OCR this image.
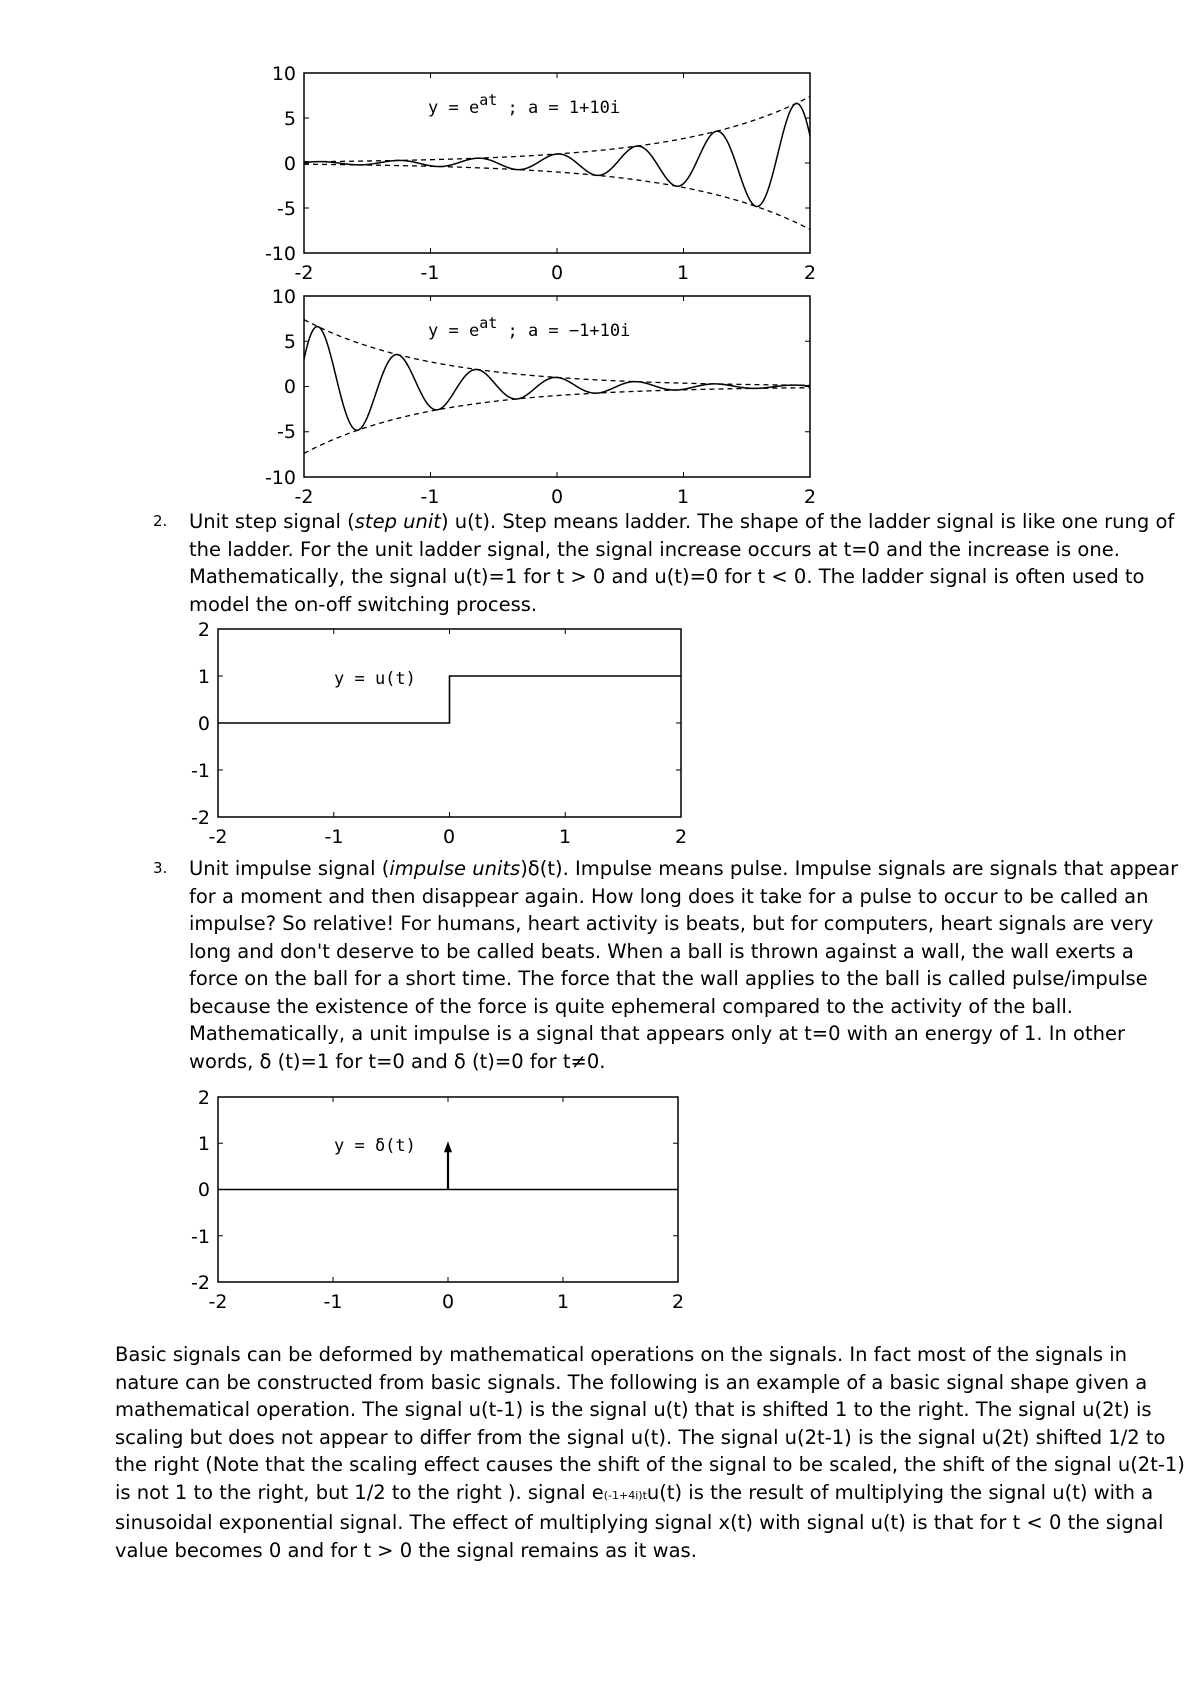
10
5
0
-5
-10
-2	-1	0	1	2
y = eat ; a = 1+10i
10
5
0
-5
-10
-2	-1	0	1	2
y = eat ; a = −1+10i
2
1
0
-1
-2
-2	-1	0	1	2
y = u(t)
2
1
0
-1
-2
-2	-1	0	1	2
y = δ(t)

2. Unit step signal (step unit) u(t). Step means ladder. The shape of the ladder signal is like one rung of the ladder. For the unit ladder signal, the signal increase occurs at t=0 and the increase is one. Mathematically, the signal u(t)=1 for t > 0 and u(t)=0 for t < 0. The ladder signal is often used to model the on-off switching process.

3. Unit impulse signal (impulse units)δ(t). Impulse means pulse. Impulse signals are signals that appear for a moment and then disappear again. How long does it take for a pulse to occur to be called an impulse? So relative! For humans, heart activity is beats, but for computers, heart signals are very long and don't deserve to be called beats. When a ball is thrown against a wall, the wall exerts a force on the ball for a short time. The force that the wall applies to the ball is called pulse/impulse because the existence of the force is quite ephemeral compared to the activity of the ball. Mathematically, a unit impulse is a signal that appears only at t=0 with an energy of 1. In other words, δ (t)=1 for t=0 and δ (t)=0 for t≠0.

Basic signals can be deformed by mathematical operations on the signals. In fact most of the signals in nature can be constructed from basic signals. The following is an example of a basic signal shape given a mathematical operation. The signal u(t-1) is the signal u(t) that is shifted 1 to the right. The signal u(2t) is scaling but does not appear to differ from the signal u(t). The signal u(2t-1) is the signal u(2t) shifted 1/2 to the right (Note that the scaling effect causes the shift of the signal to be scaled, the shift of the signal u(2t-1) is not 1 to the right, but 1/2 to the right ). signal e(-1+4i)tu(t) is the result of multiplying the signal u(t) with a sinusoidal exponential signal. The effect of multiplying signal x(t) with signal u(t) is that for t < 0 the signal value becomes 0 and for t > 0 the signal remains as it was.
